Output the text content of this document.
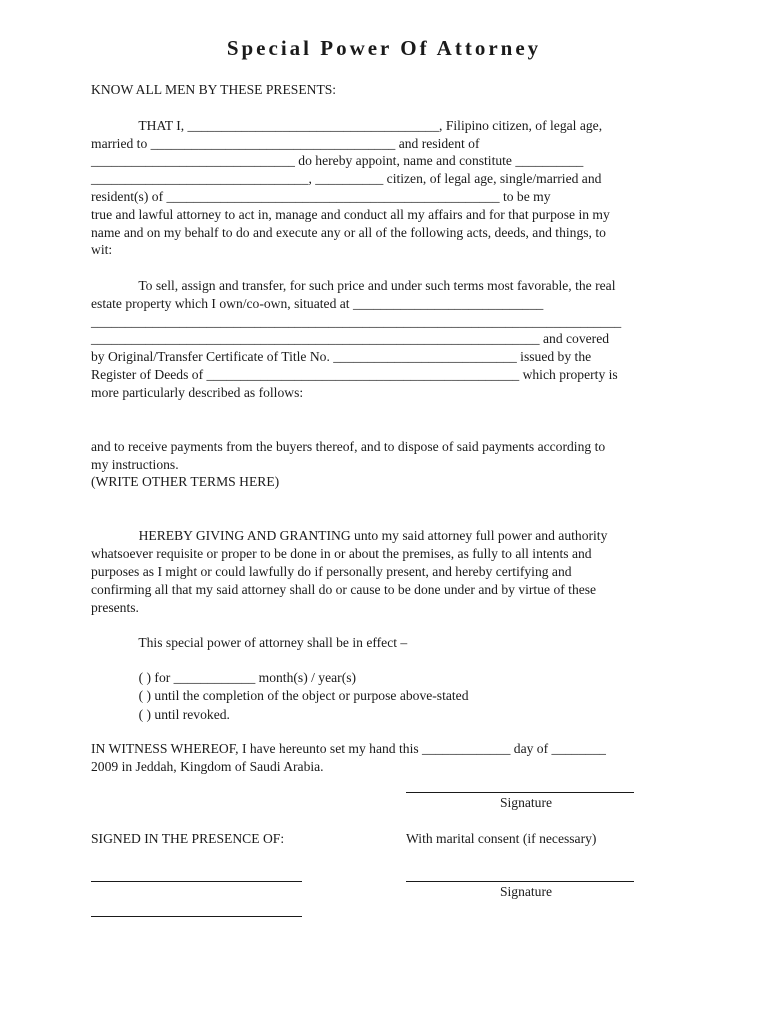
Special Power Of Attorney

KNOW ALL MEN BY THESE PRESENTS:

THAT I, _____________________________________, Filipino citizen, of legal age,

married to ____________________________________ and resident of

______________________________ do hereby appoint, name and constitute __________

________________________________, __________ citizen, of legal age, single/married and

resident(s) of _________________________________________________ to be my

true and lawful attorney to act in, manage and conduct all my affairs and for that purpose in my

name and on my behalf to do and execute any or all of the following acts, deeds, and things, to

wit:

To sell, assign and transfer, for such price and under such terms most favorable, the real

estate property which I own/co-own, situated at ____________________________

______________________________________________________________________________

__________________________________________________________________ and covered

by Original/Transfer Certificate of Title No. ___________________________ issued by the

Register of Deeds of ______________________________________________ which property is

more particularly described as follows:

and to receive payments from the buyers thereof, and to dispose of said payments according to

my instructions.

(WRITE OTHER TERMS HERE)

HEREBY GIVING AND GRANTING unto my said attorney full power and authority

whatsoever requisite or proper to be done in or about the premises, as fully to all intents and

purposes as I might or could lawfully do if personally present, and hereby certifying and

confirming all that my said attorney shall do or cause to be done under and by virtue of these

presents.

This special power of attorney shall be in effect –

( ) for ____________ month(s) / year(s)

( ) until the completion of the object or purpose above-stated

( ) until revoked.

IN WITNESS WHEREOF, I have hereunto set my hand this _____________ day of ________

2009 in Jeddah, Kingdom of Saudi Arabia.

Signature

SIGNED IN THE PRESENCE OF:	With marital consent (if necessary)

Signature
